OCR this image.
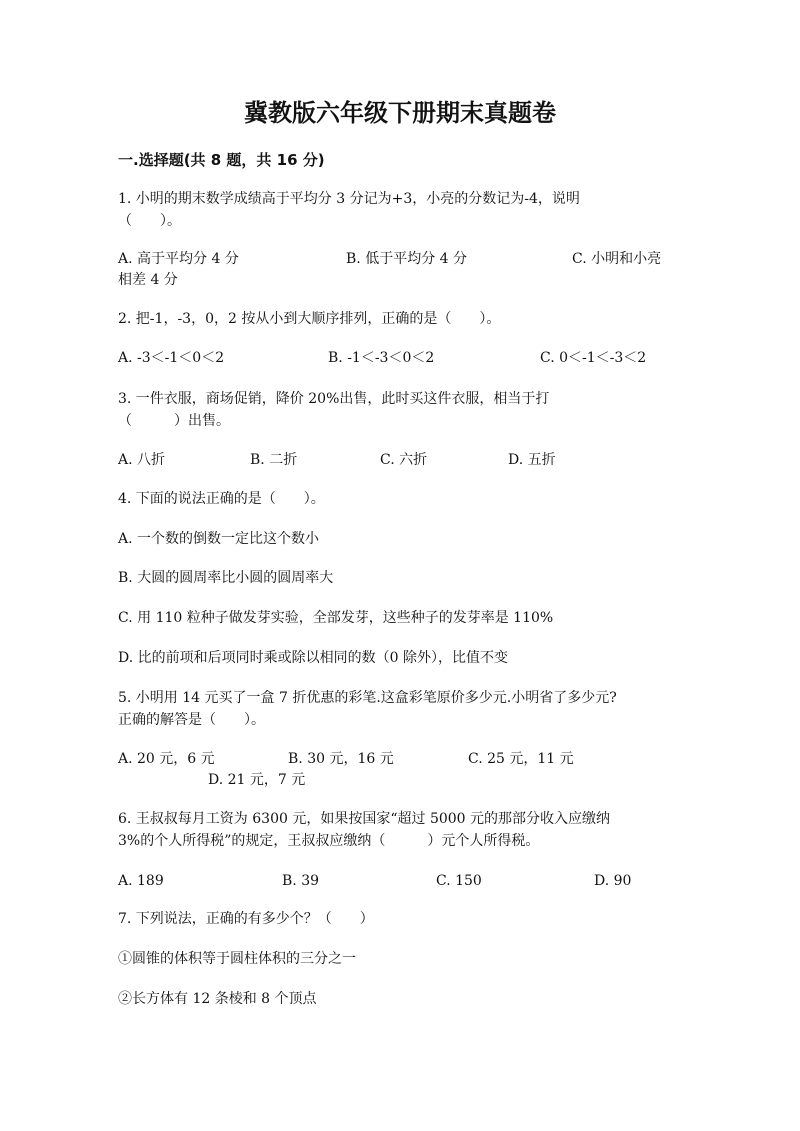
冀教版六年级下册期末真题卷
一.选择题(共 8 题，共 16 分)
1. 小明的期末数学成绩高于平均分 3 分记为+3，小亮的分数记为-4，说明
（　　）。
A. 高于平均分 4 分	B. 低于平均分 4 分	C. 小明和小亮
相差 4 分
2. 把-1，-3，0，2 按从小到大顺序排列，正确的是（　　）。
A. -3＜-1＜0＜2	B. -1＜-3＜0＜2	C. 0＜-1＜-3＜2
3. 一件衣服，商场促销，降价 20%出售，此时买这件衣服，相当于打
（　　　）出售。
A. 八折	B. 二折	C. 六折	D. 五折
4. 下面的说法正确的是（　　）。
A. 一个数的倒数一定比这个数小
B. 大圆的圆周率比小圆的圆周率大
C. 用 110 粒种子做发芽实验，全部发芽，这些种子的发芽率是 110%
D. 比的前项和后项同时乘或除以相同的数（0 除外），比值不变
5. 小明用 14 元买了一盒 7 折优惠的彩笔.这盒彩笔原价多少元.小明省了多少元?
正确的解答是（　　）。
A. 20 元，6 元	B. 30 元，16 元	C. 25 元，11 元
D. 21 元，7 元
6. 王叔叔每月工资为 6300 元，如果按国家“超过 5000 元的那部分收入应缴纳
3%的个人所得税”的规定，王叔叔应缴纳（　　　）元个人所得税。
A. 189	B. 39	C. 150	D. 90
7. 下列说法，正确的有多少个？（　　）
①圆锥的体积等于圆柱体积的三分之一
②长方体有 12 条棱和 8 个顶点
